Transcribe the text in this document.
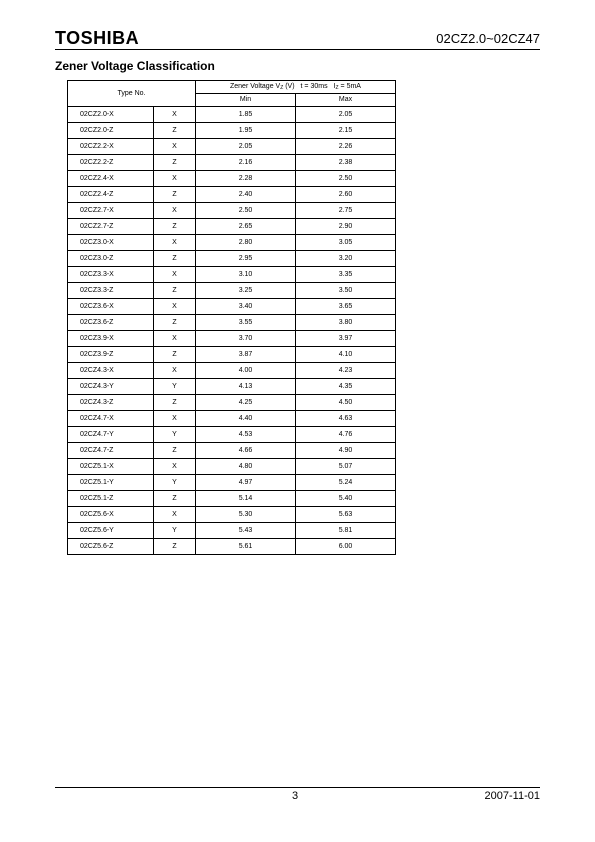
TOSHIBA	02CZ2.0~02CZ47
Zener Voltage Classification
Type No.		Zener Voltage $V_Z$ (V) t = 30ms $I_Z = 5mA$	
		Min	Max
02CZ2.0-X	X	1.85	2.05
02CZ2.0-Z	Z	1.95	2.15
02CZ2.2-X	X	2.05	2.26
02CZ2.2-Z	Z	2.16	2.38
02CZ2.4-X	X	2.28	2.50
02CZ2.4-Z	Z	2.40	2.60
02CZ2.7-X	X	2.50	2.75
02CZ2.7-Z	Z	2.65	2.90
02CZ3.0-X	X	2.80	3.05
02CZ3.0-Z	Z	2.95	3.20
02CZ3.3-X	X	3.10	3.35
02CZ3.3-Z	Z	3.25	3.50
02CZ3.6-X	X	3.40	3.65
02CZ3.6-Z	Z	3.55	3.80
02CZ3.9-X	X	3.70	3.97
02CZ3.9-Z	Z	3.87	4.10
02CZ4.3-X	X	4.00	4.23
02CZ4.3-Y	Y	4.13	4.35
02CZ4.3-Z	Z	4.25	4.50
02CZ4.7-X	X	4.40	4.63
02CZ4.7-Y	Y	4.53	4.76
02CZ4.7-Z	Z	4.66	4.90
02CZ5.1-X	X	4.80	5.07
02CZ5.1-Y	Y	4.97	5.24
02CZ5.1-Z	Z	5.14	5.40
02CZ5.6-X	X	5.30	5.63
02CZ5.6-Y	Y	5.43	5.81
02CZ5.6-Z	Z	5.61	6.00
3	2007-11-01
